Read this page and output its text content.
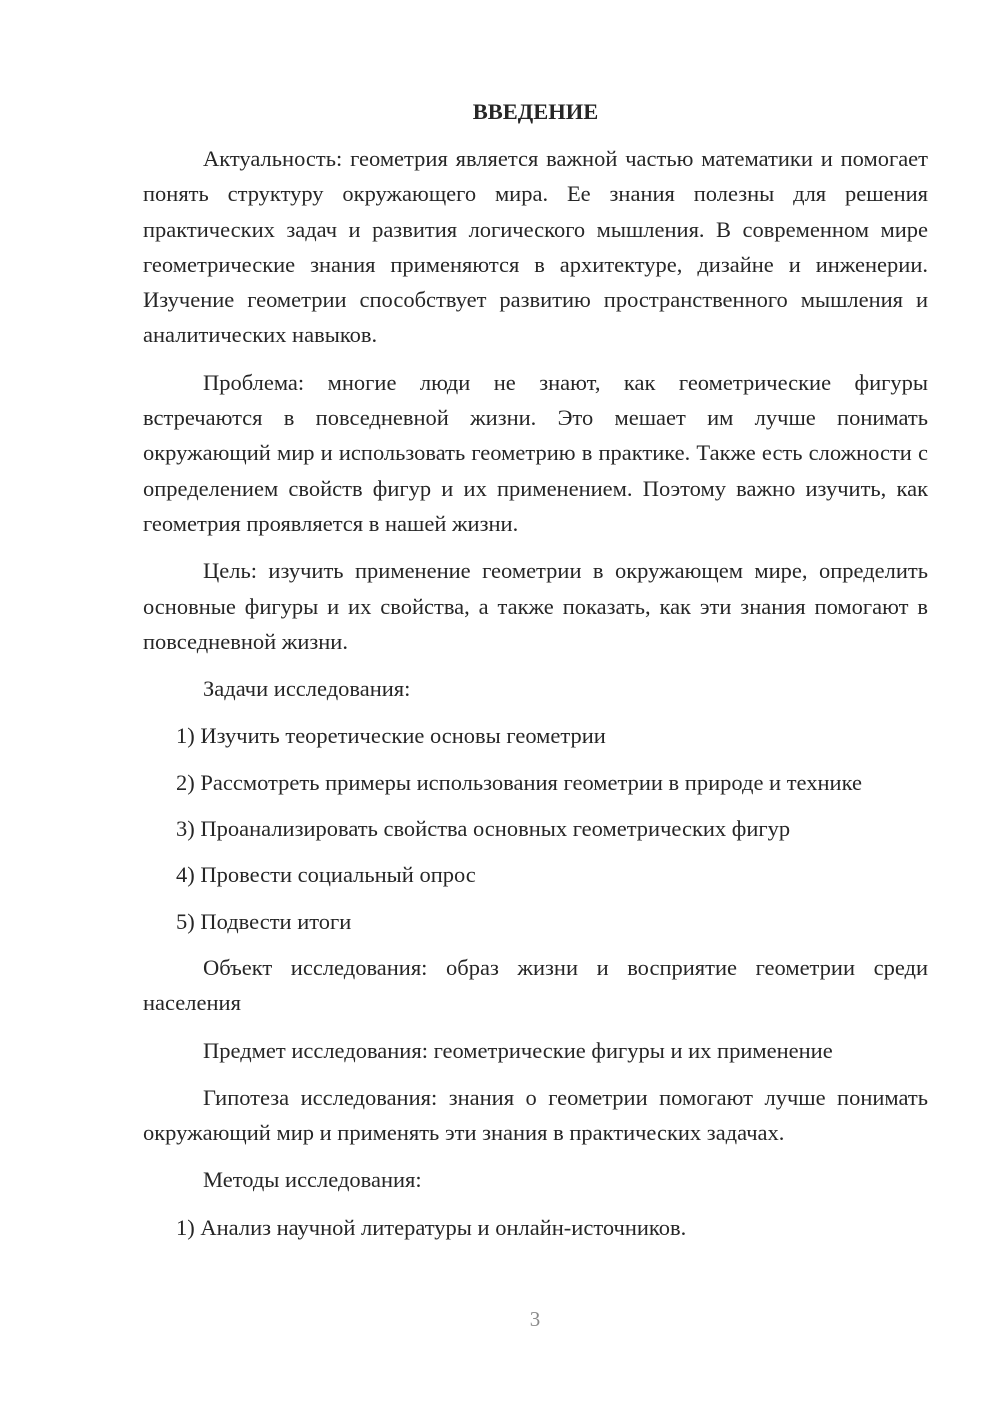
ВВЕДЕНИЕ

Актуальность: геометрия является важной частью математики и помогает понять структуру окружающего мира. Ее знания полезны для решения практических задач и развития логического мышления. В современном мире геометрические знания применяются в архитектуре, дизайне и инженерии. Изучение геометрии способствует развитию пространственного мышления и аналитических навыков.

Проблема: многие люди не знают, как геометрические фигуры встречаются в повседневной жизни. Это мешает им лучше понимать окружающий мир и использовать геометрию в практике. Также есть сложности с определением свойств фигур и их применением. Поэтому важно изучить, как геометрия проявляется в нашей жизни.

Цель: изучить применение геометрии в окружающем мире, определить основные фигуры и их свойства, а также показать, как эти знания помогают в повседневной жизни.

Задачи исследования:

1) Изучить теоретические основы геометрии

2) Рассмотреть примеры использования геометрии в природе и технике

3) Проанализировать свойства основных геометрических фигур

4) Провести социальный опрос

5) Подвести итоги

Объект исследования: образ жизни и восприятие геометрии среди населения

Предмет исследования: геометрические фигуры и их применение

Гипотеза исследования: знания о геометрии помогают лучше понимать окружающий мир и применять эти знания в практических задачах.

Методы исследования:

1) Анализ научной литературы и онлайн-источников.

3
